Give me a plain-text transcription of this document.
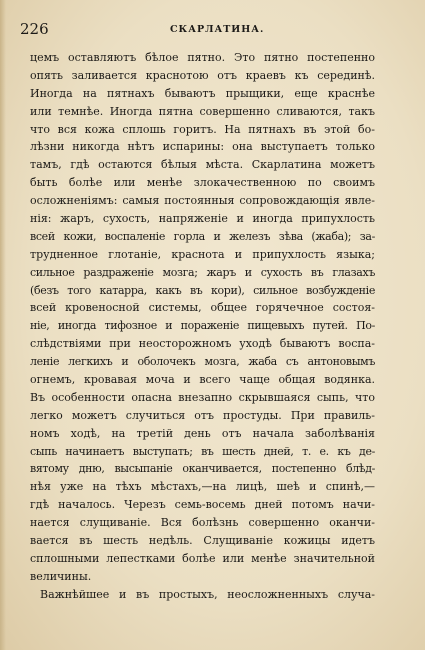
226	СКАРЛАТИНА.
цемъ оставляютъ бѣлое пятно. Это пятно постепенно
опять заливается краснотою отъ краевъ къ серединѣ.
Иногда на пятнахъ бываютъ прыщики, еще краснѣе
или темнѣе. Иногда пятна совершенно сливаются, такъ
что вся кожа сплошь горитъ. На пятнахъ въ этой бо-
лѣзни никогда нѣтъ испарины: она выступаетъ только
тамъ, гдѣ остаются бѣлыя мѣста. Скарлатина можетъ
быть болѣе или менѣе злокачественною по своимъ
осложненіямъ: самыя постоянныя сопровождающія явле-
нія: жаръ, сухость, напряженіе и иногда припухлость
всей кожи, воспаленіе горла и железъ зѣва (жаба); за-
трудненное глотаніе, краснота и припухлость языка;
сильное раздраженіе мозга; жаръ и сухость въ глазахъ
(безъ того катарра, какъ въ кори), сильное возбужденіе
всей кровеносной системы, общее горячечное состоя-
ніе, иногда тифозное и пораженіе пищевыхъ путей. По-
слѣдствіями при неосторожномъ уходѣ бываютъ воспа-
леніе легкихъ и оболочекъ мозга, жаба съ антоновымъ
огнемъ, кровавая моча и всего чаще общая водянка.
Въ особенности опасна внезапно скрывшаяся сыпь, что
легко можетъ случиться отъ простуды. При правиль-
номъ ходѣ, на третій день отъ начала заболѣванія
сыпь начинаетъ выступать; въ шесть дней, т. е. къ де-
вятому дню, высыпаніе оканчивается, постепенно блѣд-
нѣя уже на тѣхъ мѣстахъ,—на лицѣ, шеѣ и спинѣ,—
гдѣ началось. Черезъ семь-восемь дней потомъ начи-
нается слущиваніе. Вся болѣзнь совершенно оканчи-
вается въ шесть недѣль. Слущиваніе кожицы идетъ
сплошными лепестками болѣе или менѣе значительной
величины.
Важнѣйшее и въ простыхъ, неосложненныхъ случа-
